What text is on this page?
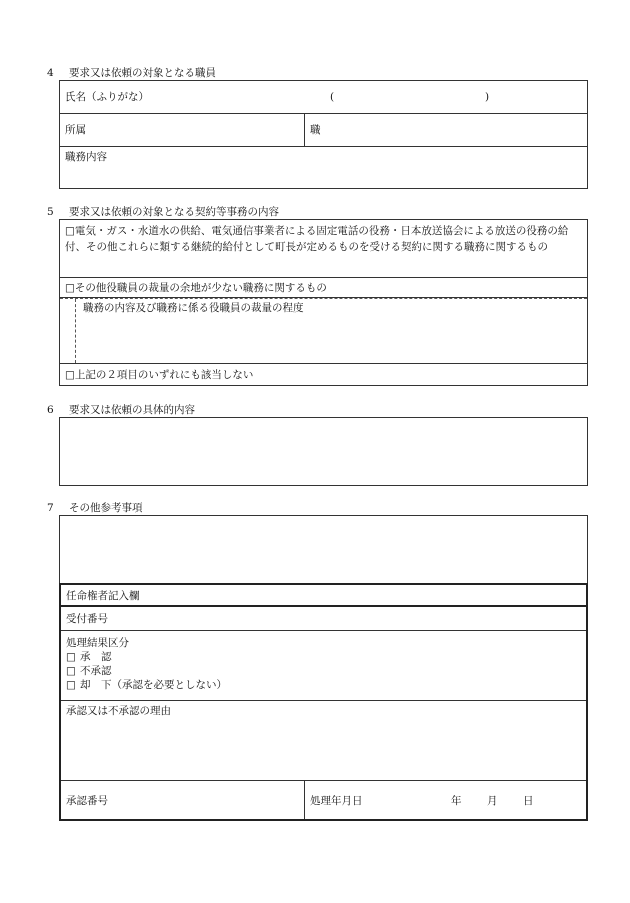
4 要求又は依頼の対象となる職員
氏名（ふりがな）	(	)
所属	職
職務内容
5 要求又は依頼の対象となる契約等事務の内容
□電気・ガス・水道水の供給、電気通信事業者による固定電話の役務・日本放送協会による放送の役務の給付、その他これらに類する継続的給付として町長が定めるものを受ける契約に関する職務に関するもの
□その他役職員の裁量の余地が少ない職務に関するもの
職務の内容及び職務に係る役職員の裁量の程度
□上記の２項目のいずれにも該当しない
6 要求又は依頼の具体的内容
7 その他参考事項
任命権者記入欄
受付番号
処理結果区分
□ 承　認
□ 不承認
□ 却　下（承認を必要としない）
承認又は不承認の理由
承認番号	処理年月日	年 月 日
